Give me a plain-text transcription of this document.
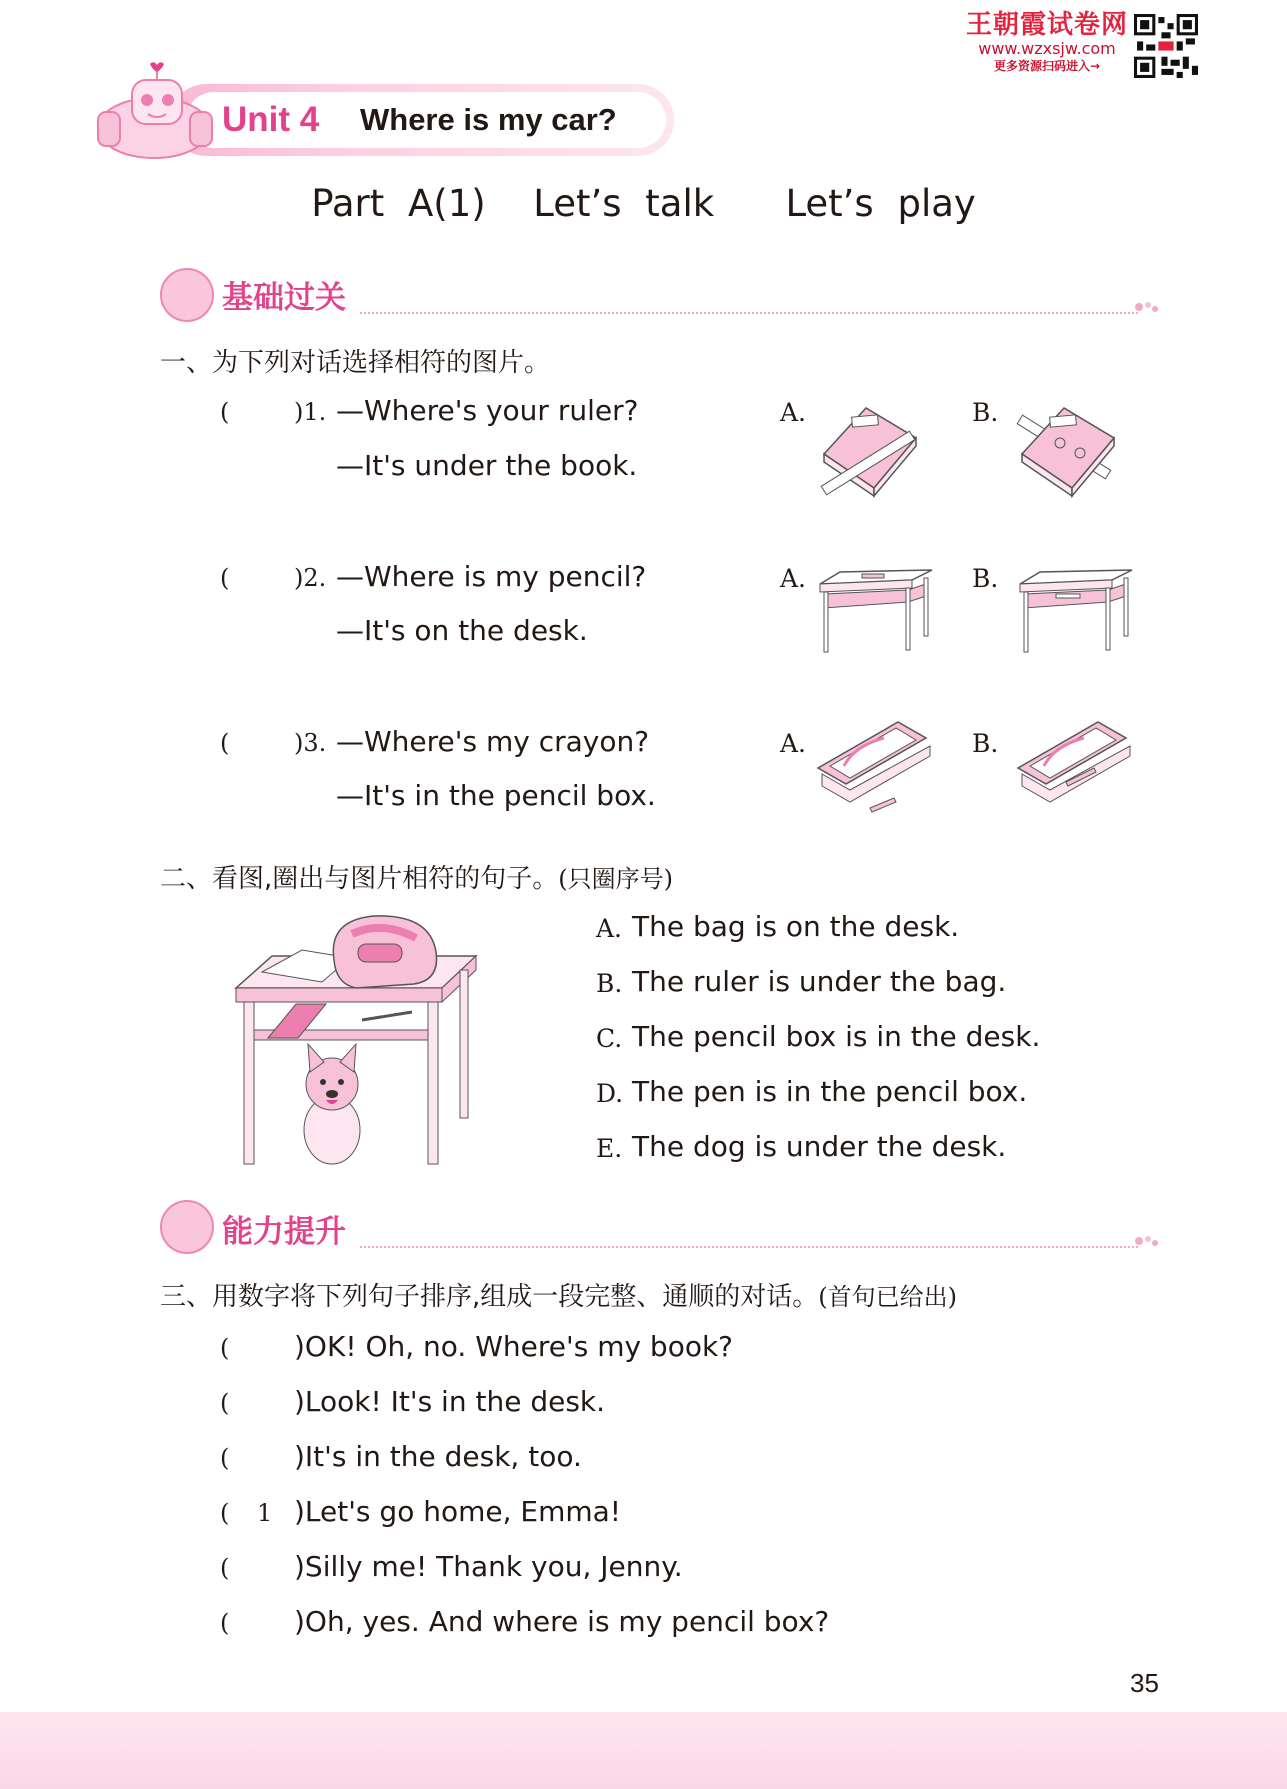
王朝霞试卷网
www.wzxsjw.com
更多资源扫码进入→
Unit 4 Where is my car?
Part A(1)  Let’s talk   Let’s play
基础过关
一、为下列对话选择相符的图片。
(	)1. —Where's your ruler?
—It's under the book.
A.	B.
(	)2. —Where is my pencil?
—It's on the desk.
A.	B.
(	)3. —Where's my crayon?
—It's in the pencil box.
A.	B.
二、看图,圈出与图片相符的句子。(只圈序号)
A. The bag is on the desk.
B. The ruler is under the bag.
C. The pencil box is in the desk.
D. The pen is in the pencil box.
E. The dog is under the desk.
能力提升
三、用数字将下列句子排序,组成一段完整、通顺的对话。(首句已给出)
( )OK! Oh, no. Where's my book?
( )Look! It's in the desk.
( )It's in the desk, too.
( 1 )Let's go home, Emma!
( )Silly me! Thank you, Jenny.
( )Oh, yes. And where is my pencil box?
35
